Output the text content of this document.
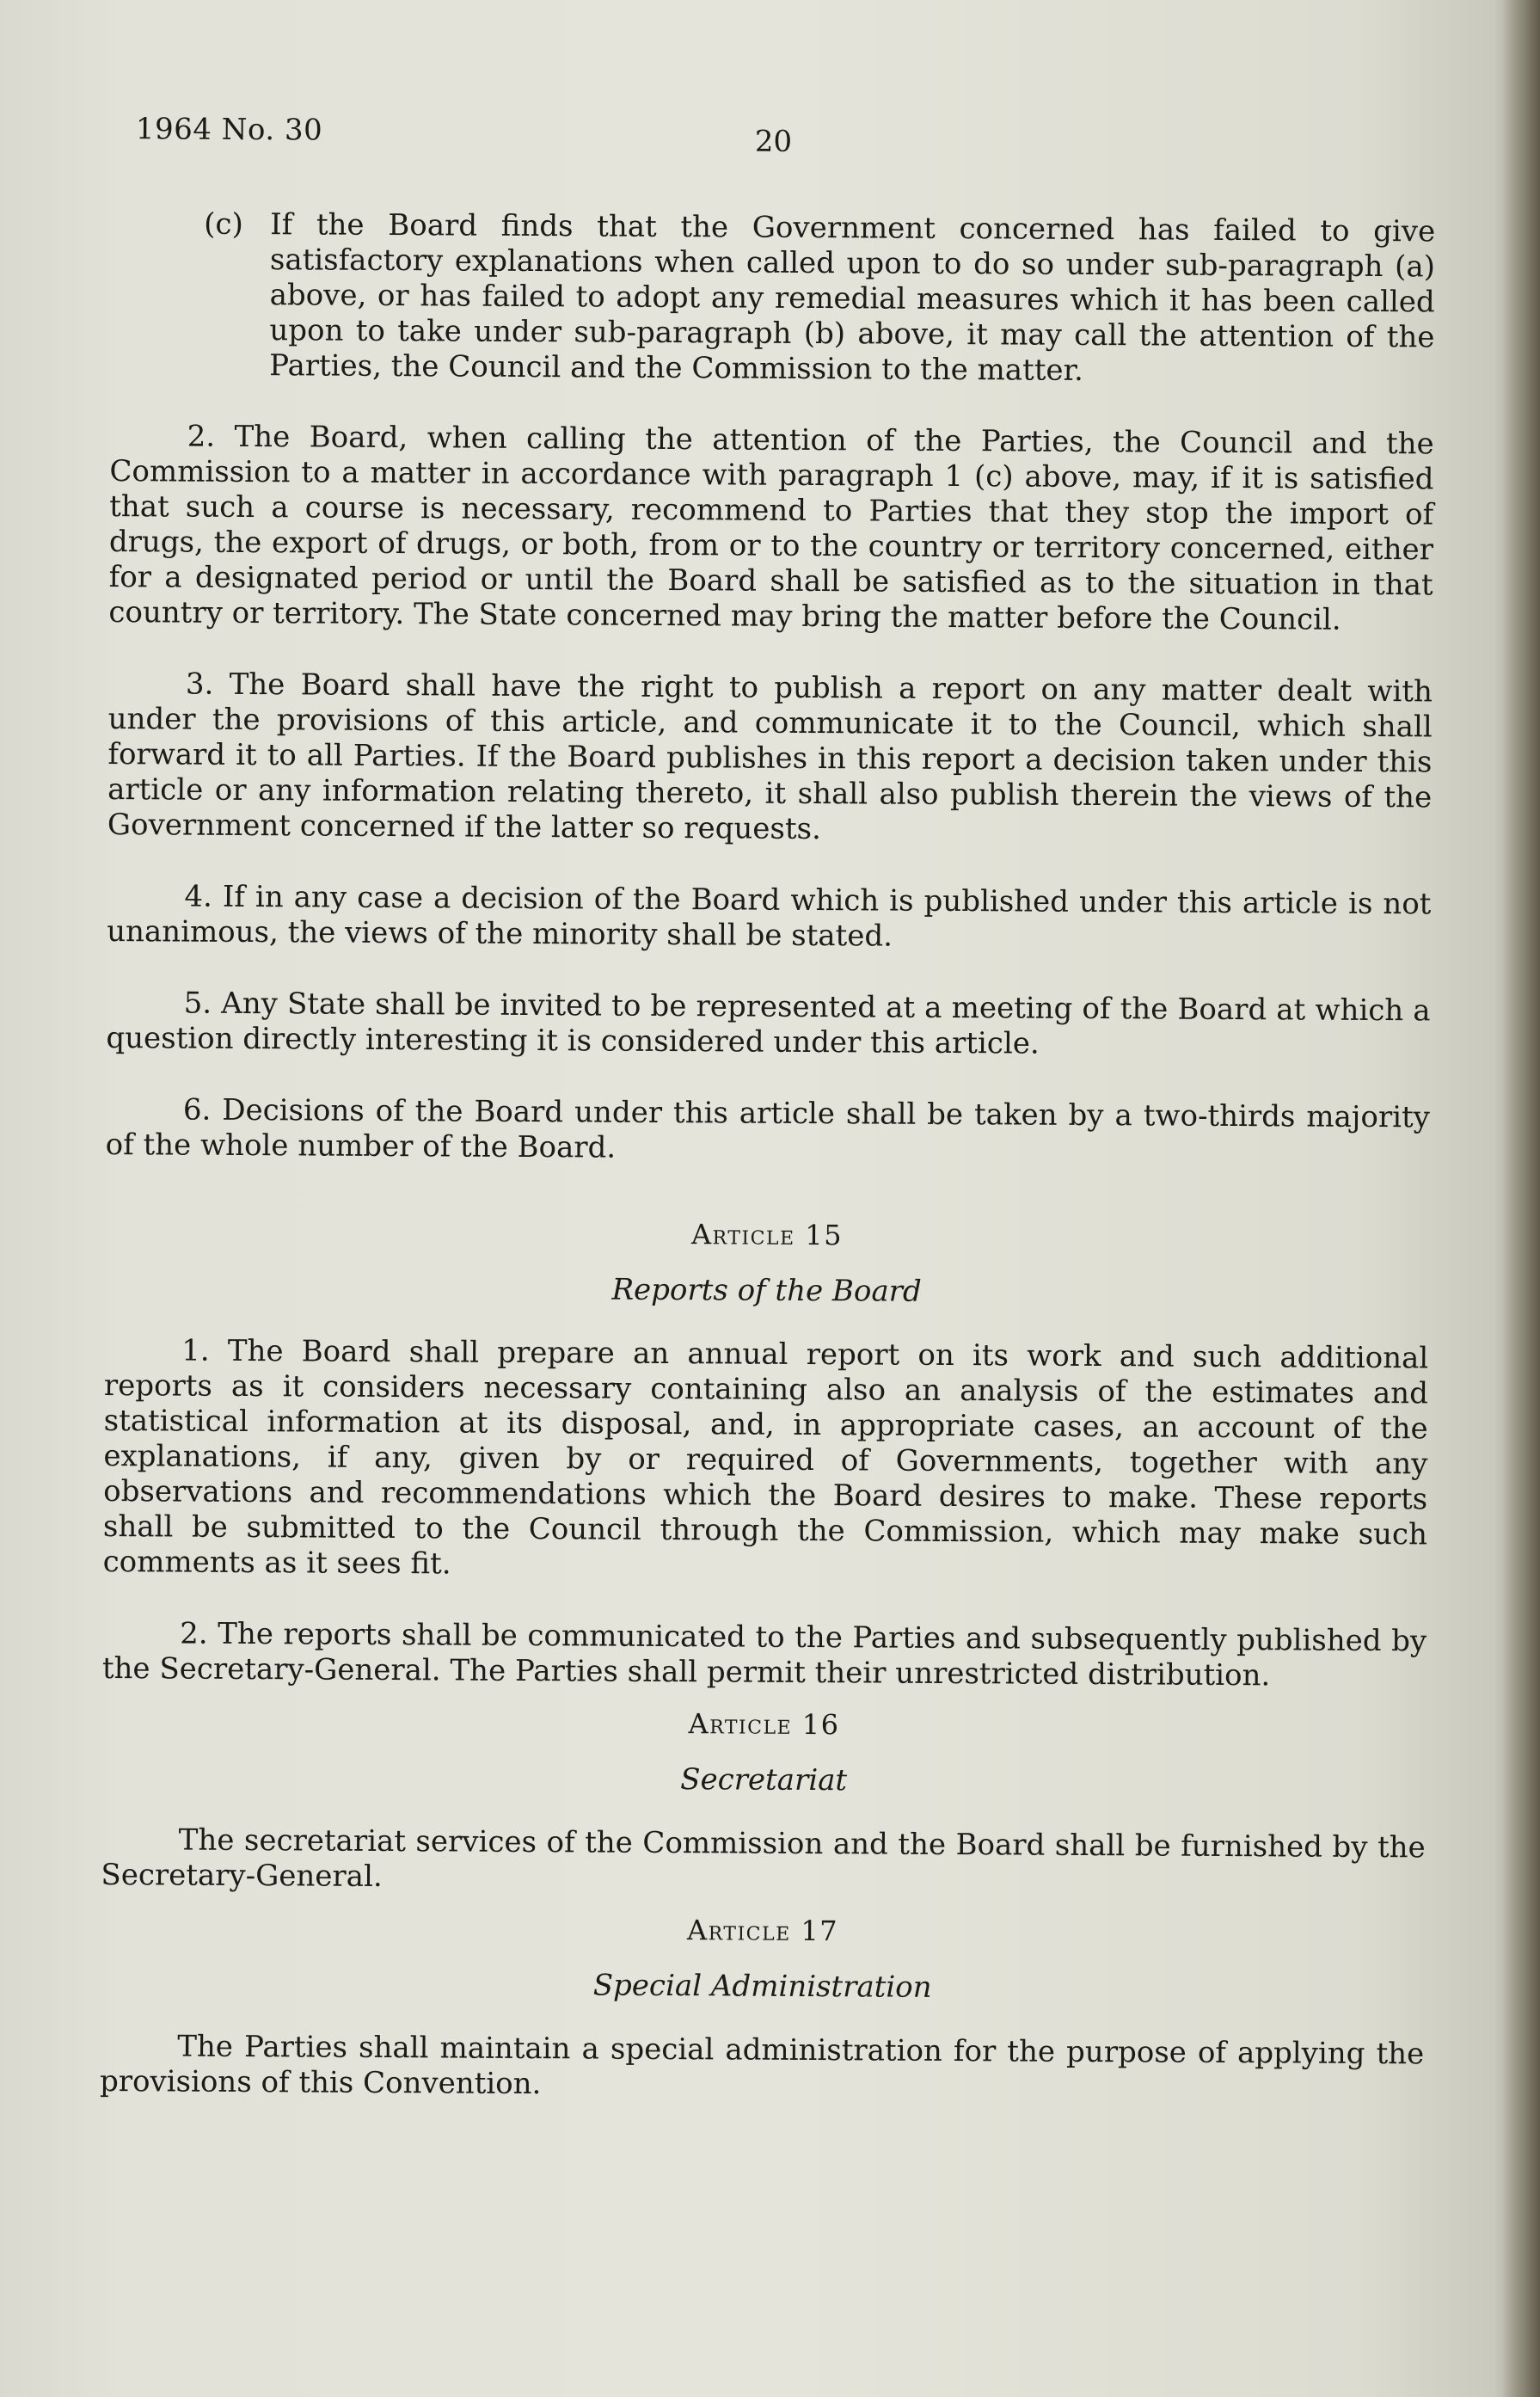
1964 No. 30	20

(c) If the Board finds that the Government concerned has failed to give satisfactory explanations when called upon to do so under sub-paragraph (a) above, or has failed to adopt any remedial measures which it has been called upon to take under sub-paragraph (b) above, it may call the attention of the Parties, the Council and the Commission to the matter.

2. The Board, when calling the attention of the Parties, the Council and the Commission to a matter in accordance with paragraph 1 (c) above, may, if it is satisfied that such a course is necessary, recommend to Parties that they stop the import of drugs, the export of drugs, or both, from or to the country or territory concerned, either for a designated period or until the Board shall be satisfied as to the situation in that country or territory. The State concerned may bring the matter before the Council.

3. The Board shall have the right to publish a report on any matter dealt with under the provisions of this article, and communicate it to the Council, which shall forward it to all Parties. If the Board publishes in this report a decision taken under this article or any information relating thereto, it shall also publish therein the views of the Government concerned if the latter so requests.

4. If in any case a decision of the Board which is published under this article is not unanimous, the views of the minority shall be stated.

5. Any State shall be invited to be represented at a meeting of the Board at which a question directly interesting it is considered under this article.

6. Decisions of the Board under this article shall be taken by a two-thirds majority of the whole number of the Board.

Article 15
Reports of the Board

1. The Board shall prepare an annual report on its work and such additional reports as it considers necessary containing also an analysis of the estimates and statistical information at its disposal, and, in appropriate cases, an account of the explanations, if any, given by or required of Governments, together with any observations and recommendations which the Board desires to make. These reports shall be submitted to the Council through the Commission, which may make such comments as it sees fit.

2. The reports shall be communicated to the Parties and subsequently published by the Secretary-General. The Parties shall permit their unrestricted distribution.

Article 16
Secretariat

The secretariat services of the Commission and the Board shall be furnished by the Secretary-General.

Article 17
Special Administration

The Parties shall maintain a special administration for the purpose of applying the provisions of this Convention.
